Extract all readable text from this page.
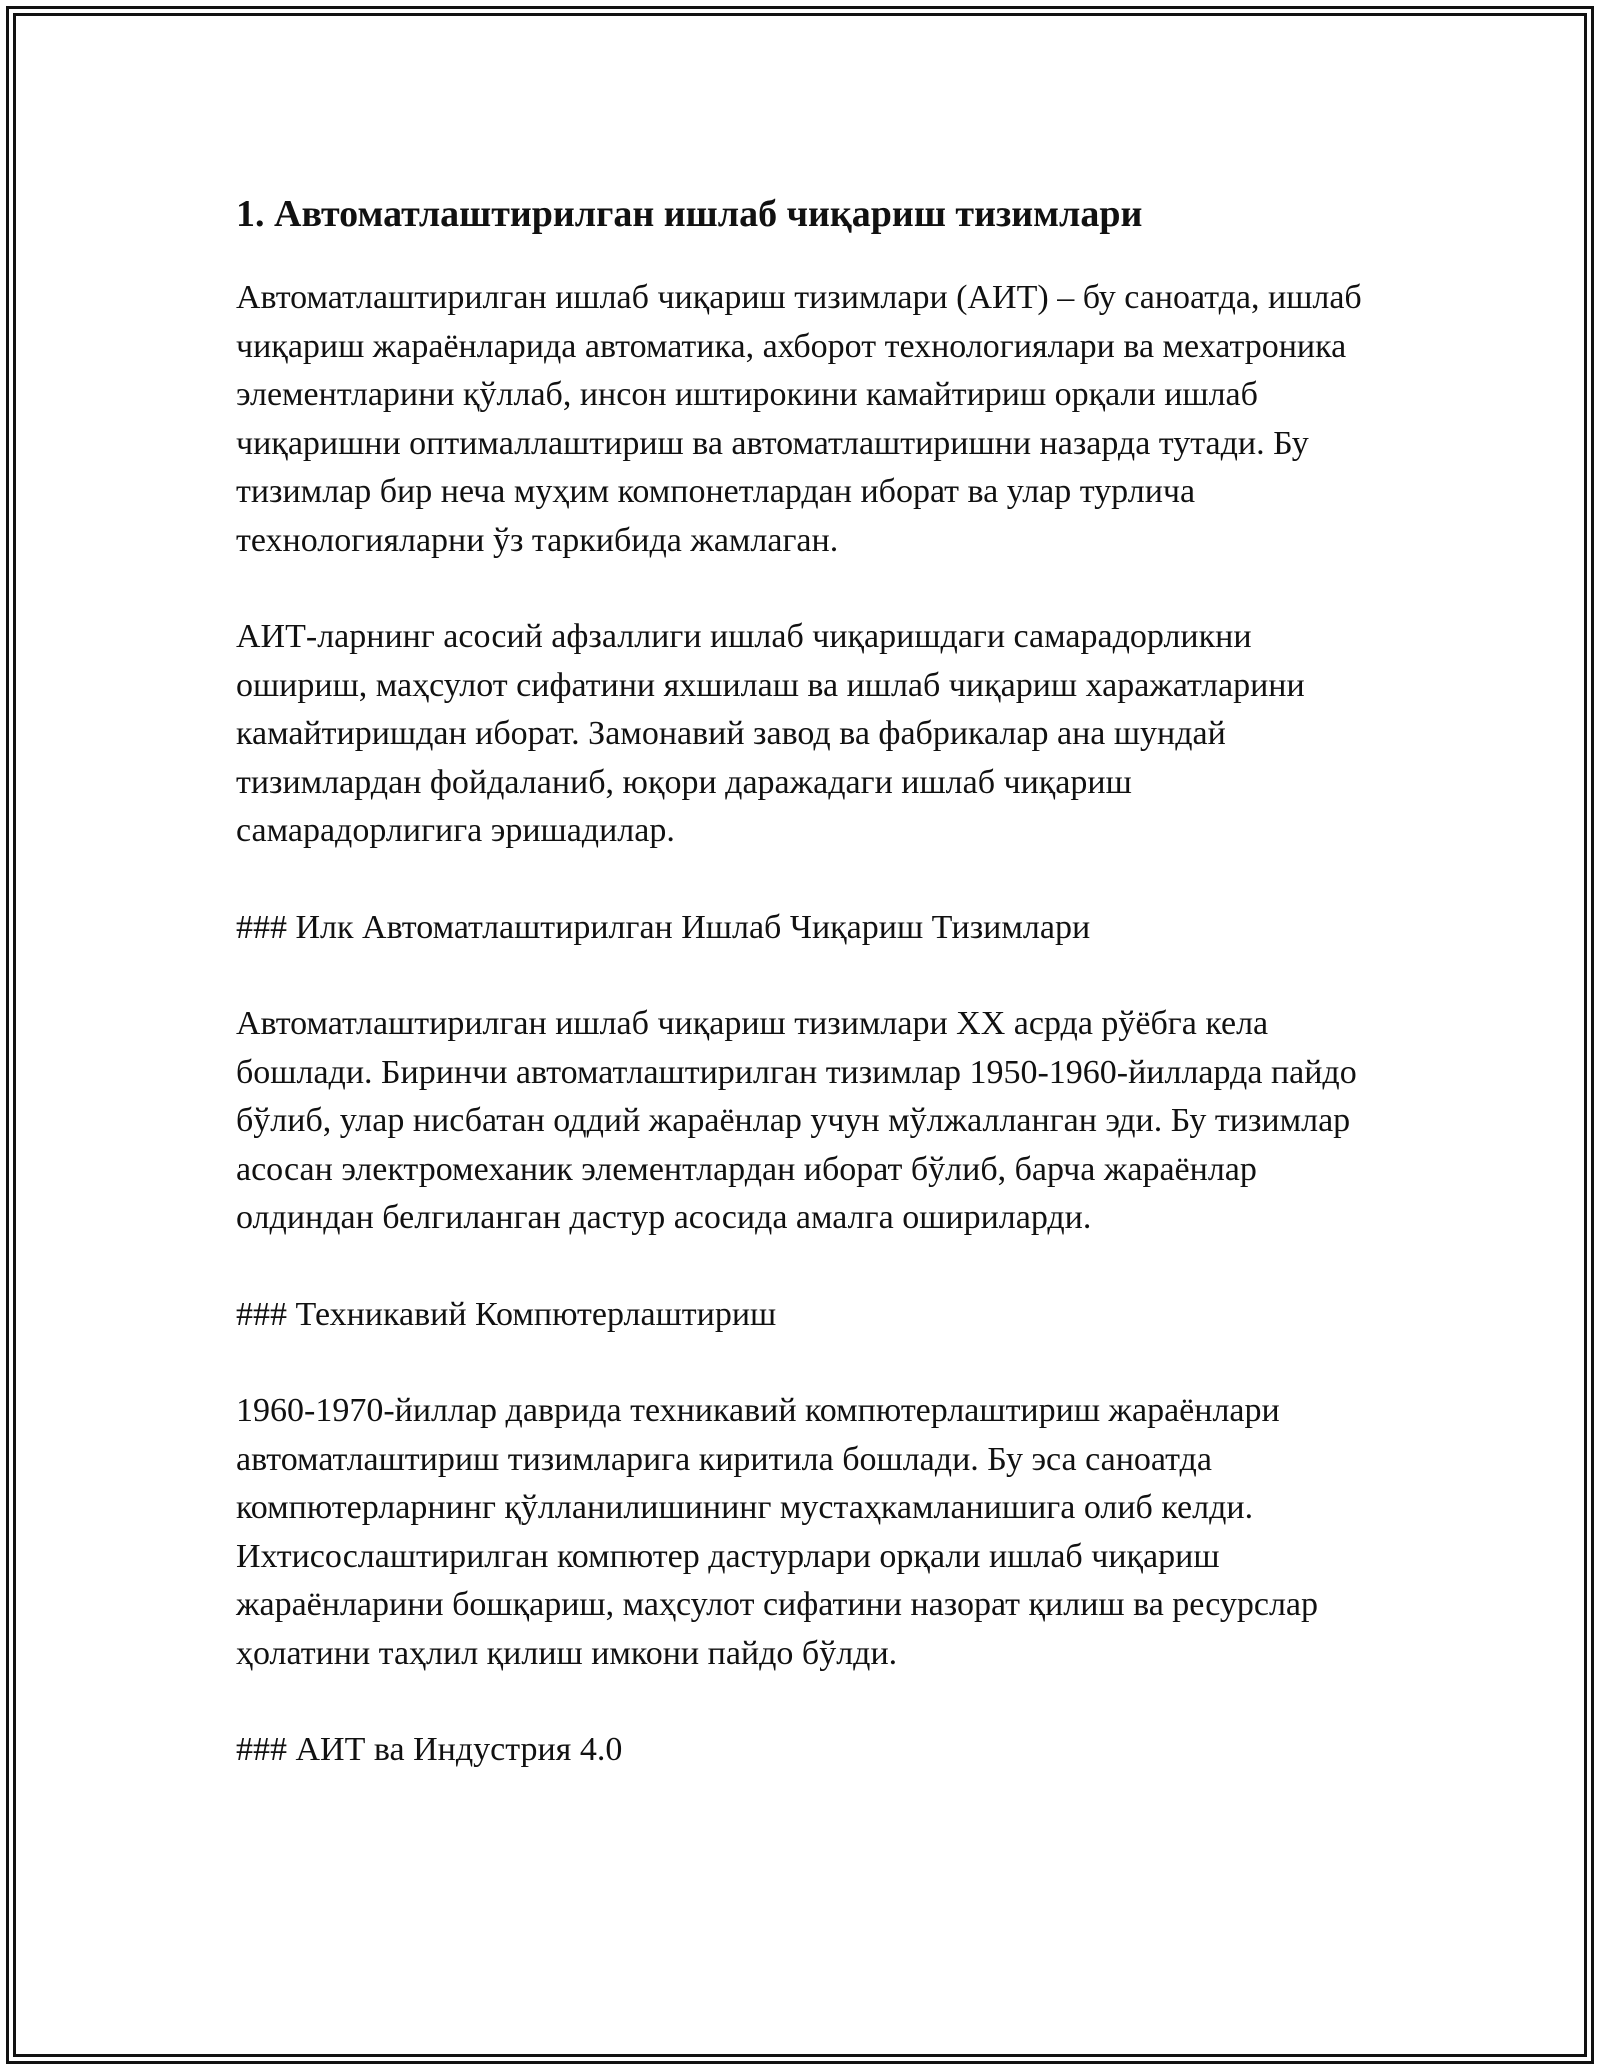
1. Автоматлаштирилган ишлаб чиқариш тизимлари

Автоматлаштирилган ишлаб чиқариш тизимлари (АИТ) – бу саноатда, ишлаб чиқариш жараёнларида автоматика, ахборот технологиялари ва мехатроника элементларини қўллаб, инсон иштирокини камайтириш орқали ишлаб чиқаришни оптималлаштириш ва автоматлаштиришни назарда тутади. Бу тизимлар бир неча муҳим компонетлардан иборат ва улар турлича технологияларни ўз таркибида жамлаган.

АИТ-ларнинг асосий афзаллиги ишлаб чиқаришдаги самарадорликни ошириш, маҳсулот сифатини яхшилаш ва ишлаб чиқариш харажатларини камайтиришдан иборат. Замонавий завод ва фабрикалар ана шундай тизимлардан фойдаланиб, юқори даражадаги ишлаб чиқариш самарадорлигига эришадилар.

### Илк Автоматлаштирилган Ишлаб Чиқариш Тизимлари

Автоматлаштирилган ишлаб чиқариш тизимлари XX асрда рўёбга кела бошлади. Биринчи автоматлаштирилган тизимлар 1950-1960-йилларда пайдо бўлиб, улар нисбатан оддий жараёнлар учун мўлжалланган эди. Бу тизимлар асосан электромеханик элементлардан иборат бўлиб, барча жараёнлар олдиндан белгиланган дастур асосида амалга ошириларди.

### Техникавий Компютерлаштириш

1960-1970-йиллар даврида техникавий компютерлаштириш жараёнлари автоматлаштириш тизимларига киритила бошлади. Бу эса саноатда компютерларнинг қўлланилишининг мустаҳкамланишига олиб келди. Ихтисослаштирилган компютер дастурлари орқали ишлаб чиқариш жараёнларини бошқариш, маҳсулот сифатини назорат қилиш ва ресурслар ҳолатини таҳлил қилиш имкони пайдо бўлди.

### АИТ ва Индустрия 4.0
